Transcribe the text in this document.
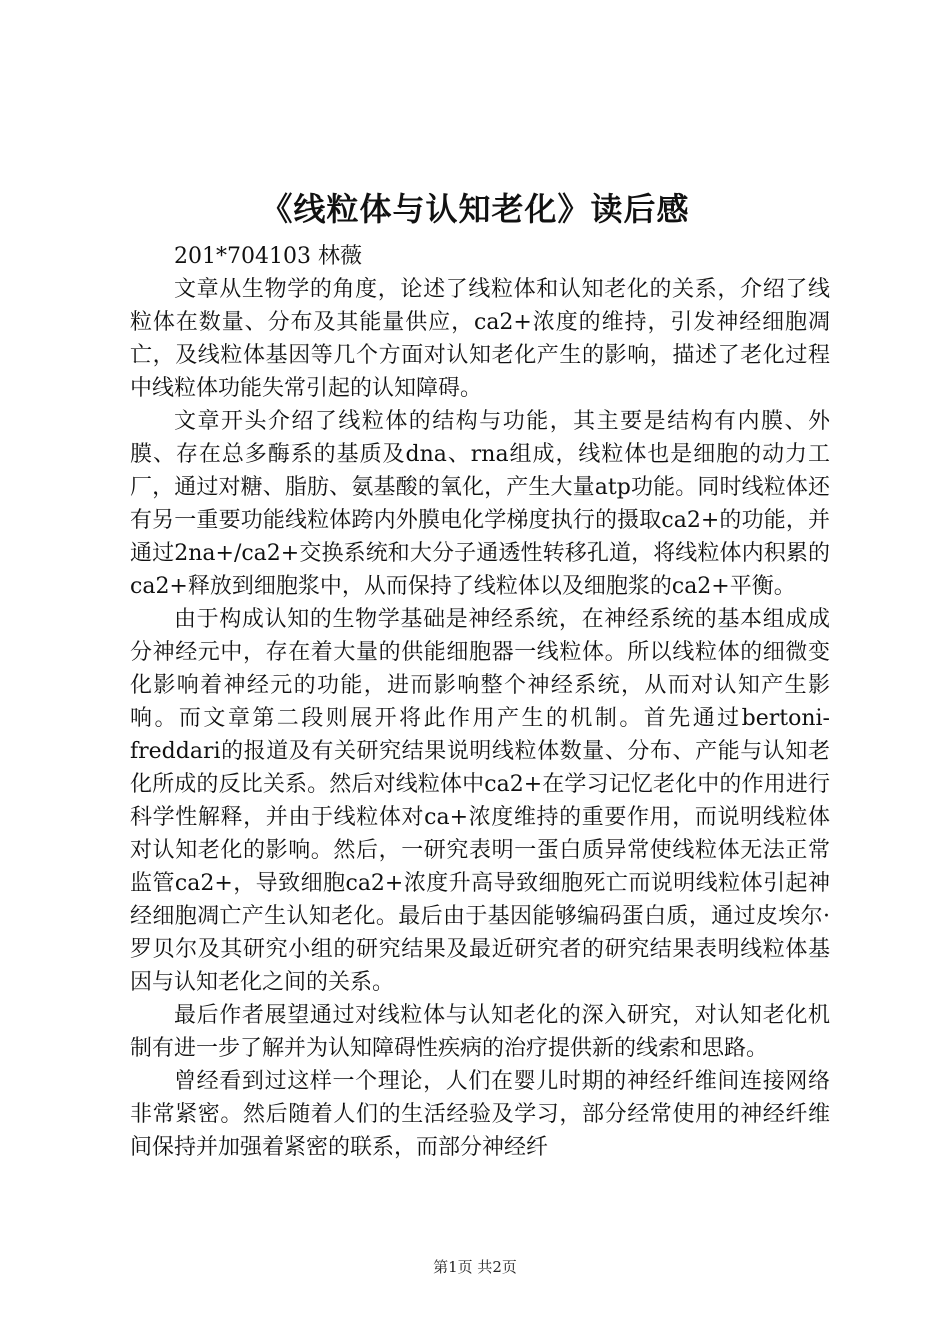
《线粒体与认知老化》读后感
201*704103 林薇

文章从生物学的角度，论述了线粒体和认知老化的关系，介绍了线粒体在数量、分布及其能量供应，ca2+浓度的维持，引发神经细胞凋亡，及线粒体基因等几个方面对认知老化产生的影响，描述了老化过程中线粒体功能失常引起的认知障碍。

文章开头介绍了线粒体的结构与功能，其主要是结构有内膜、外膜、存在总多酶系的基质及dna、rna组成，线粒体也是细胞的动力工厂，通过对糖、脂肪、氨基酸的氧化，产生大量atp功能。同时线粒体还有另一重要功能线粒体跨内外膜电化学梯度执行的摄取ca2+的功能，并通过2na+/ca2+交换系统和大分子通透性转移孔道，将线粒体内积累的ca2+释放到细胞浆中，从而保持了线粒体以及细胞浆的ca2+平衡。

由于构成认知的生物学基础是神经系统，在神经系统的基本组成成分神经元中，存在着大量的供能细胞器一线粒体。所以线粒体的细微变化影响着神经元的功能，进而影响整个神经系统，从而对认知产生影响。而文章第二段则展开将此作用产生的机制。首先通过bertoni-freddari的报道及有关研究结果说明线粒体数量、分布、产能与认知老化所成的反比关系。然后对线粒体中ca2+在学习记忆老化中的作用进行科学性解释，并由于线粒体对ca+浓度维持的重要作用，而说明线粒体对认知老化的影响。然后，一研究表明一蛋白质异常使线粒体无法正常监管ca2+，导致细胞ca2+浓度升高导致细胞死亡而说明线粒体引起神经细胞凋亡产生认知老化。最后由于基因能够编码蛋白质，通过皮埃尔·罗贝尔及其研究小组的研究结果及最近研究者的研究结果表明线粒体基因与认知老化之间的关系。

最后作者展望通过对线粒体与认知老化的深入研究，对认知老化机制有进一步了解并为认知障碍性疾病的治疗提供新的线索和思路。

曾经看到过这样一个理论，人们在婴儿时期的神经纤维间连接网络非常紧密。然后随着人们的生活经验及学习，部分经常使用的神经纤维间保持并加强着紧密的联系，而部分神经纤

第1页 共2页
